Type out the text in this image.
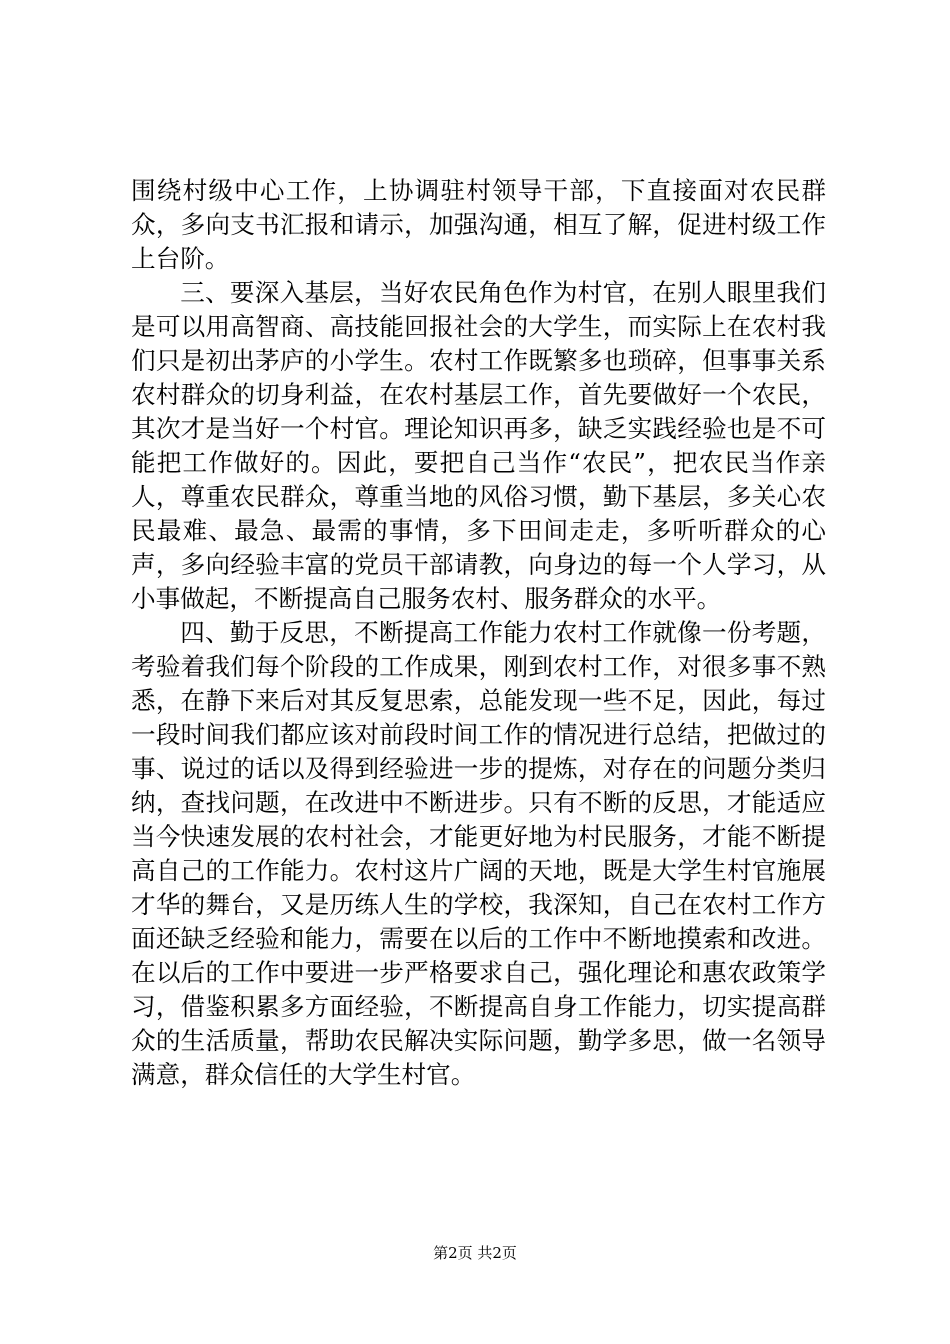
围绕村级中心工作，上协调驻村领导干部，下直接面对农民群众，多向支书汇报和请示，加强沟通，相互了解，促进村级工作上台阶。

三、要深入基层，当好农民角色作为村官，在别人眼里我们是可以用高智商、高技能回报社会的大学生，而实际上在农村我们只是初出茅庐的小学生。农村工作既繁多也琐碎，但事事关系农村群众的切身利益，在农村基层工作，首先要做好一个农民，其次才是当好一个村官。理论知识再多，缺乏实践经验也是不可能把工作做好的。因此，要把自己当作“农民”，把农民当作亲人，尊重农民群众，尊重当地的风俗习惯，勤下基层，多关心农民最难、最急、最需的事情，多下田间走走，多听听群众的心声，多向经验丰富的党员干部请教，向身边的每一个人学习，从小事做起，不断提高自己服务农村、服务群众的水平。

四、勤于反思，不断提高工作能力农村工作就像一份考题，考验着我们每个阶段的工作成果，刚到农村工作，对很多事不熟悉，在静下来后对其反复思索，总能发现一些不足，因此，每过一段时间我们都应该对前段时间工作的情况进行总结，把做过的事、说过的话以及得到经验进一步的提炼，对存在的问题分类归纳，查找问题，在改进中不断进步。只有不断的反思，才能适应当今快速发展的农村社会，才能更好地为村民服务，才能不断提高自己的工作能力。农村这片广阔的天地，既是大学生村官施展才华的舞台，又是历练人生的学校，我深知，自己在农村工作方面还缺乏经验和能力，需要在以后的工作中不断地摸索和改进。在以后的工作中要进一步严格要求自己，强化理论和惠农政策学习，借鉴积累多方面经验，不断提高自身工作能力，切实提高群众的生活质量，帮助农民解决实际问题，勤学多思，做一名领导满意，群众信任的大学生村官。

第2页 共2页
